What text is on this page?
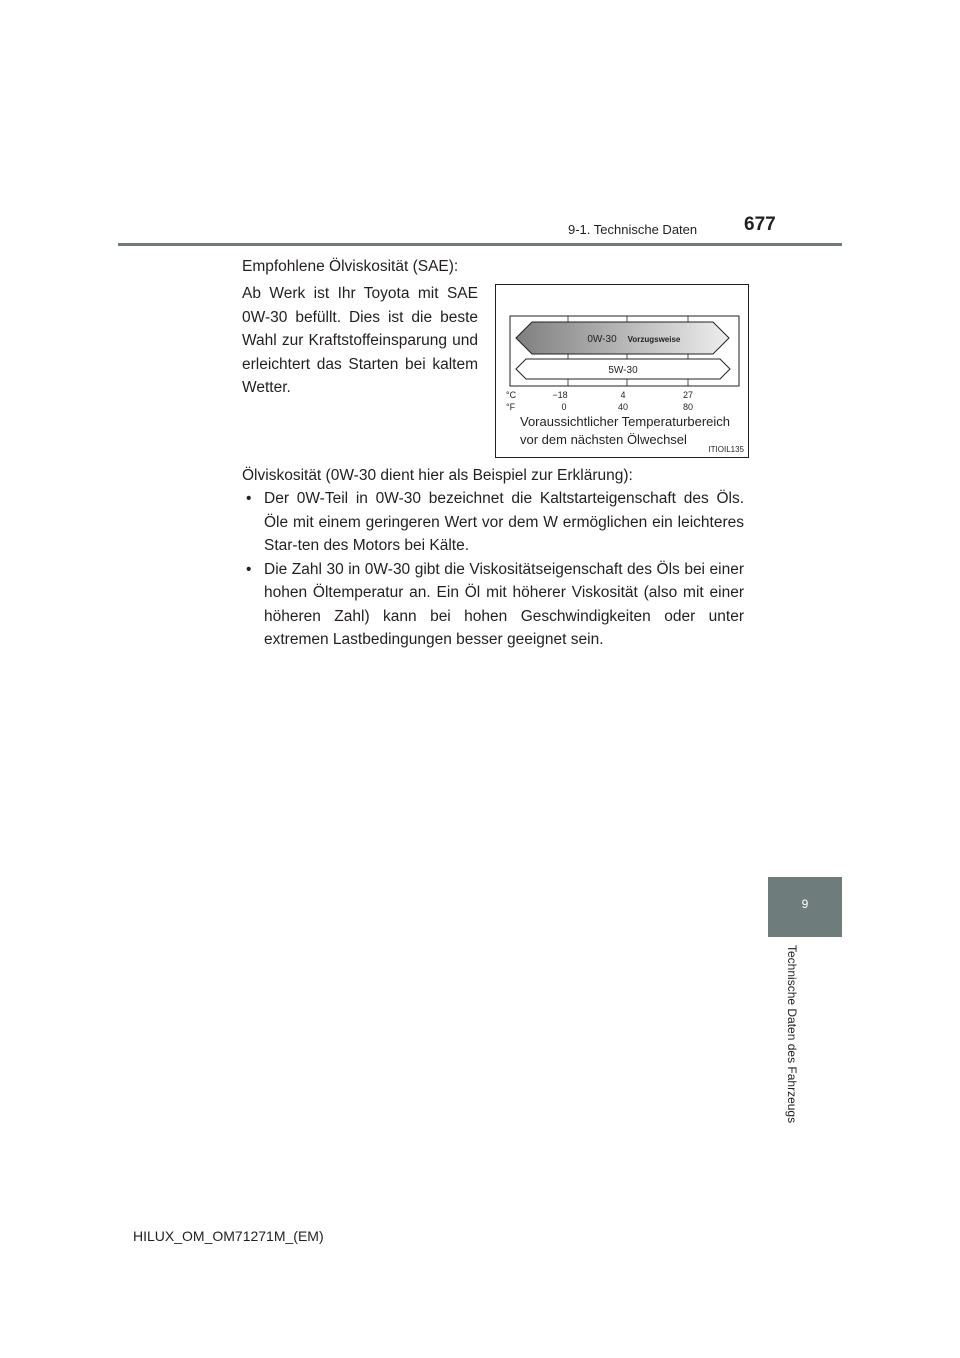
9-1. Technische Daten 677
Empfohlene Ölviskosität (SAE):
Ab Werk ist Ihr Toyota mit SAE 0W-30 befüllt. Dies ist die beste Wahl zur Kraftstoffeinsparung und erleichtert das Starten bei kaltem Wetter.
0W-30 Vorzugsweise
5W-30
°C
°F
−18	4	27
0	40	80
Voraussichtlicher Temperaturbereich
vor dem nächsten Ölwechsel
ITIOIL135
Ölviskosität (0W-30 dient hier als Beispiel zur Erklärung):
• Der 0W-Teil in 0W-30 bezeichnet die Kaltstarteigenschaft des Öls. Öle mit einem geringeren Wert vor dem W ermöglichen ein leichteres Star-ten des Motors bei Kälte.
• Die Zahl 30 in 0W-30 gibt die Viskositätseigenschaft des Öls bei einer hohen Öltemperatur an. Ein Öl mit höherer Viskosität (also mit einer höheren Zahl) kann bei hohen Geschwindigkeiten oder unter extremen Lastbedingungen besser geeignet sein.
9
Technische Daten des Fahrzeugs
HILUX_OM_OM71271M_(EM)
